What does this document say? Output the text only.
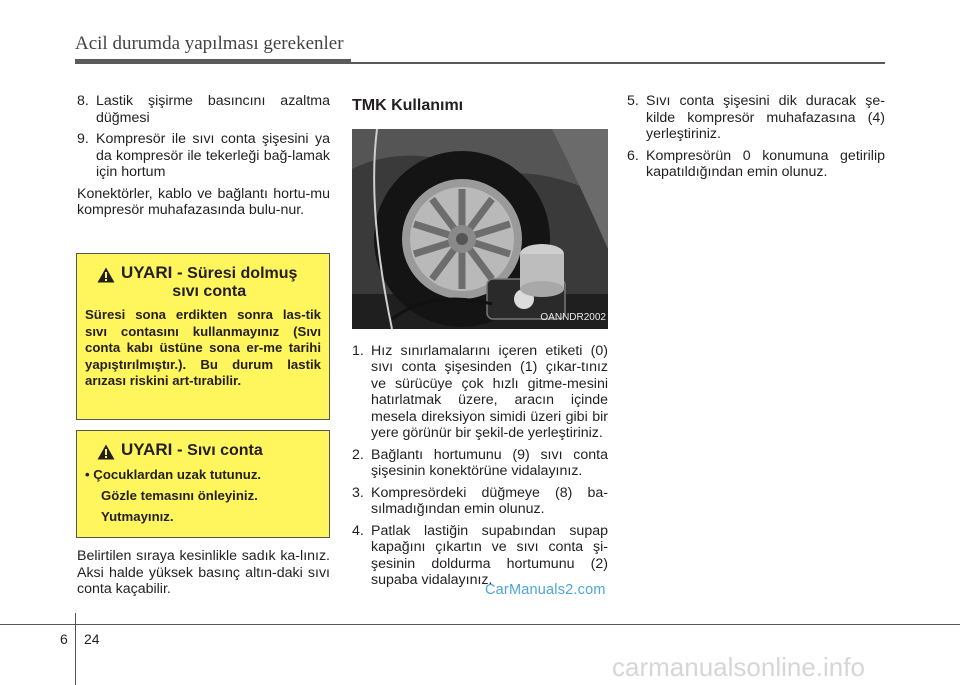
Acil durumda yapılması gerekenler
8. Lastik şişirme basıncını azaltma düğmesi
9. Kompresör ile sıvı conta şişesini ya da kompresör ile tekerleği bağ-lamak için hortum
Konektörler, kablo ve bağlantı hortu-mu kompresör muhafazasında bulu-nur.
UYARI - Süresi dolmuş
sıvı conta
Süresi sona erdikten sonra las-tik sıvı contasını kullanmayınız (Sıvı conta kabı üstüne sona er-me tarihi yapıştırılmıştır.). Bu durum lastik arızası riskini art-tırabilir.
UYARI - Sıvı conta
• Çocuklardan uzak tutunuz.
Gözle temasını önleyiniz.
Yutmayınız.
Belirtilen sıraya kesinlikle sadık ka-lınız. Aksi halde yüksek basınç altın-daki sıvı conta kaçabilir.
TMK Kullanımı
OANNDR2002
1. Hız sınırlamalarını içeren etiketi (0) sıvı conta şişesinden (1) çıkar-tınız ve sürücüye çok hızlı gitme-mesini hatırlatmak üzere, aracın içinde mesela direksiyon simidi üzeri gibi bir yere görünür bir şekil-de yerleştiriniz.
2. Bağlantı hortumunu (9) sıvı conta şişesinin konektörüne vidalayınız.
3. Kompresördeki düğmeye (8) ba-sılmadığından emin olunuz.
4. Patlak lastiğin supabından supap kapağını çıkartın ve sıvı conta şi-şesinin doldurma hortumunu (2) supaba vidalayınız.
5. Sıvı conta şişesini dik duracak şe-kilde kompresör muhafazasına (4) yerleştiriniz.
6. Kompresörün 0 konumuna getirilip kapatıldığından emin olunuz.
CarManuals2.com
6 24
carmanualsonline.info
